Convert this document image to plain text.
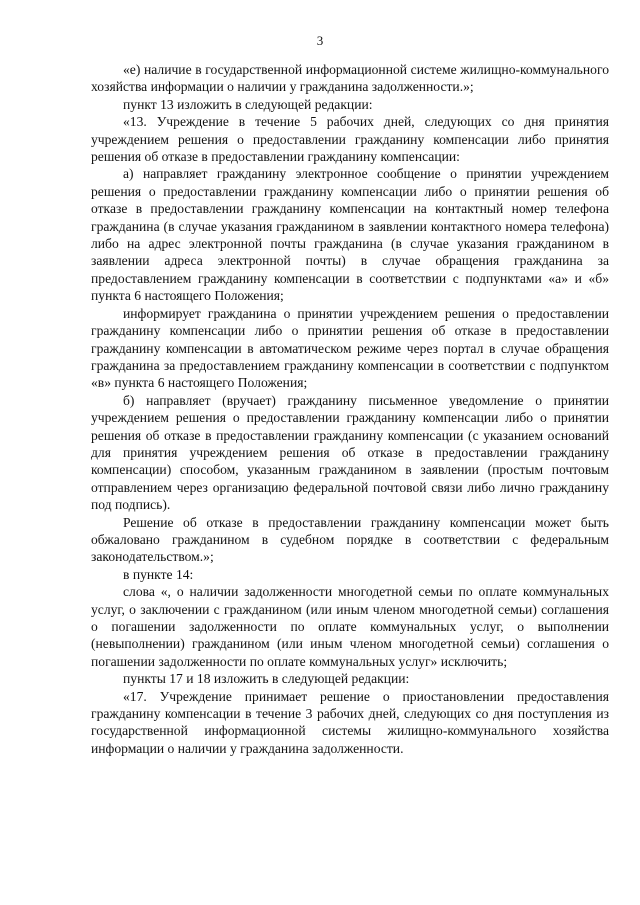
3

«е) наличие в государственной информационной системе жилищно-коммунального хозяйства информации о наличии у гражданина задолженности.»;

пункт 13 изложить в следующей редакции:

«13. Учреждение в течение 5 рабочих дней, следующих со дня принятия учреждением решения о предоставлении гражданину компенсации либо принятия решения об отказе в предоставлении гражданину компенсации:

а) направляет гражданину электронное сообщение о принятии учреждением решения о предоставлении гражданину компенсации либо о принятии решения об отказе в предоставлении гражданину компенсации на контактный номер телефона гражданина (в случае указания гражданином в заявлении контактного номера телефона) либо на адрес электронной почты гражданина (в случае указания гражданином в заявлении адреса электронной почты) в случае обращения гражданина за предоставлением гражданину компенсации в соответствии с подпунктами «а» и «б» пункта 6 настоящего Положения;

информирует гражданина о принятии учреждением решения о предоставлении гражданину компенсации либо о принятии решения об отказе в предоставлении гражданину компенсации в автоматическом режиме через портал в случае обращения гражданина за предоставлением гражданину компенсации в соответствии с подпунктом «в» пункта 6 настоящего Положения;

б) направляет (вручает) гражданину письменное уведомление о принятии учреждением решения о предоставлении гражданину компенсации либо о принятии решения об отказе в предоставлении гражданину компенсации (с указанием оснований для принятия учреждением решения об отказе в предоставлении гражданину компенсации) способом, указанным гражданином в заявлении (простым почтовым отправлением через организацию федеральной почтовой связи либо лично гражданину под подпись).

Решение об отказе в предоставлении гражданину компенсации может быть обжаловано гражданином в судебном порядке в соответствии с федеральным законодательством.»;

в пункте 14:

слова «, о наличии задолженности многодетной семьи по оплате коммунальных услуг, о заключении с гражданином (или иным членом многодетной семьи) соглашения о погашении задолженности по оплате коммунальных услуг, о выполнении (невыполнении) гражданином (или иным членом многодетной семьи) соглашения о погашении задолженности по оплате коммунальных услуг» исключить;

пункты 17 и 18 изложить в следующей редакции:

«17. Учреждение принимает решение о приостановлении предоставления гражданину компенсации в течение 3 рабочих дней, следующих со дня поступления из государственной информационной системы жилищно-коммунального хозяйства информации о наличии у гражданина задолженности.
